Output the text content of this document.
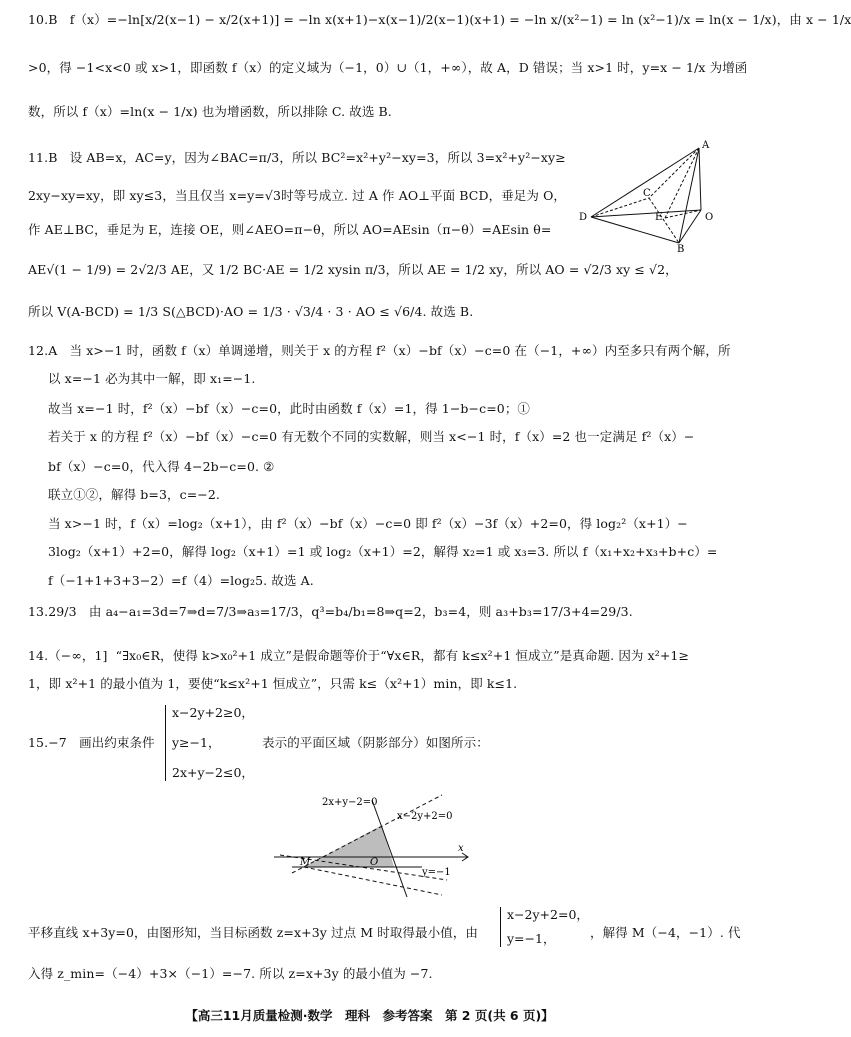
10.B f（x）=−ln[x/2(x−1) − x/2(x+1)] = −ln x(x+1)−x(x−1)/2(x−1)(x+1) = −ln x/(x²−1) = ln (x²−1)/x = ln(x − 1/x)，由 x − 1/x
>0，得 −1<x<0 或 x>1，即函数 f（x）的定义域为（−1，0）∪（1，+∞），故 A，D 错误；当 x>1 时，y=x − 1/x 为增函
数，所以 f（x）=ln(x − 1/x) 也为增函数，所以排除 C. 故选 B.
11.B 设 AB=x，AC=y，因为∠BAC=π/3，所以 BC²=x²+y²−xy=3，所以 3=x²+y²−xy≥
2xy−xy=xy，即 xy≤3，当且仅当 x=y=√3时等号成立. 过 A 作 AO⊥平面 BCD，垂足为 O，
作 AE⊥BC，垂足为 E，连接 OE，则∠AEO=π−θ，所以 AO=AEsin（π−θ）=AEsin θ=
AE√(1 − 1/9) = 2√2/3 AE，又 1/2 BC·AE = 1/2 xysin π/3，所以 AE = 1/2 xy，所以 AO = √2/3 xy ≤ √2，
所以 V(A-BCD) = 1/3 S(△BCD)·AO = 1/3 · √3/4 · 3 · AO ≤ √6/4. 故选 B.
A
C
E	O
D
B
12.A 当 x>−1 时，函数 f（x）单调递增，则关于 x 的方程 f²（x）−bf（x）−c=0 在（−1，+∞）内至多只有两个解，所
以 x=−1 必为其中一解，即 x₁=−1.
故当 x=−1 时，f²（x）−bf（x）−c=0，此时由函数 f（x）=1，得 1−b−c=0；①
若关于 x 的方程 f²（x）−bf（x）−c=0 有无数个不同的实数解，则当 x<−1 时，f（x）=2 也一定满足 f²（x）−
bf（x）−c=0，代入得 4−2b−c=0. ②
联立①②，解得 b=3，c=−2.
当 x>−1 时，f（x）=log₂（x+1），由 f²（x）−bf（x）−c=0 即 f²（x）−3f（x）+2=0，得 log₂²（x+1）−
3log₂（x+1）+2=0，解得 log₂（x+1）=1 或 log₂（x+1）=2，解得 x₂=1 或 x₃=3. 所以 f（x₁+x₂+x₃+b+c）=
f（−1+1+3+3−2）=f（4）=log₂5. 故选 A.
13.29/3 由 a₄−a₁=3d=7⇒d=7/3⇒a₃=17/3，q³=b₄/b₁=8⇒q=2，b₃=4，则 a₃+b₃=17/3+4=29/3.
14.（−∞，1] “∃x₀∈R，使得 k>x₀²+1 成立”是假命题等价于“∀x∈R，都有 k≤x²+1 恒成立”是真命题. 因为 x²+1≥
1，即 x²+1 的最小值为 1，要使“k≤x²+1 恒成立”，只需 k≤（x²+1）min，即 k≤1.
15.−7 画出约束条件
x−2y+2≥0，
y≥−1，
2x+y−2≤0，
表示的平面区域（阴影部分）如图所示：
2x+y−2=0
x−2y+2=0
y=−1
M	O
x
平移直线 x+3y=0，由图形知，当目标函数 z=x+3y 过点 M 时取得最小值，由
x−2y+2=0，
y=−1，	，解得 M（−4，−1）. 代
入得 z_min=（−4）+3×（−1）=−7. 所以 z=x+3y 的最小值为 −7.
【高三11月质量检测·数学　理科　参考答案　第 2 页(共 6 页)】
